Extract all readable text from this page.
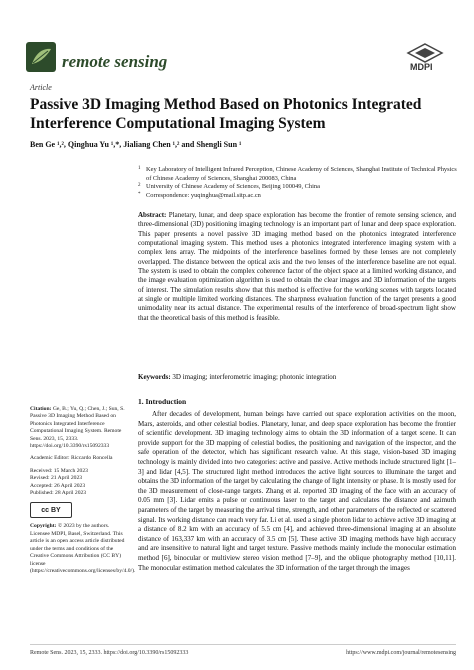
remote sensing	MDPI
Article
Passive 3D Imaging Method Based on Photonics Integrated Interference Computational Imaging System
Ben Ge ¹,², Qinghua Yu ¹,*, Jialiang Chen ¹,² and Shengli Sun ¹
1 Key Laboratory of Intelligent Infrared Perception, Chinese Academy of Sciences, Shanghai Institute of Technical Physics of Chinese Academy of Sciences, Shanghai 200083, China
2 University of Chinese Academy of Sciences, Beijing 100049, China
* Correspondence: yuqinghua@mail.sitp.ac.cn
Abstract: Planetary, lunar, and deep space exploration has become the frontier of remote sensing science, and three-dimensional (3D) positioning imaging technology is an important part of lunar and deep space exploration. This paper presents a novel passive 3D imaging method based on the photonics integrated interference computational imaging system. This method uses a photonics integrated interference imaging system with a complex lens array. The midpoints of the interference baselines formed by these lenses are not completely overlapped. The distance between the optical axis and the two lenses of the interference baseline are not equal. The system is used to obtain the complex coherence factor of the object space at a limited working distance, and the image evaluation optimization algorithm is used to obtain the clear images and 3D information of the targets of interest. The simulation results show that this method is effective for the working scenes with targets located at single or multiple limited working distances. The sharpness evaluation function of the target presents a good unimodality near its actual distance. The experimental results of the interference of broad-spectrum light show that the theoretical basis of this method is feasible.
Keywords: 3D imaging; interferometric imaging; photonic integration

Citation: Ge, B.; Yu, Q.; Chen, J.; Sun, S. Passive 3D Imaging Method Based on Photonics Integrated Interference Computational Imaging System. Remote Sens. 2023, 15, 2333. https://doi.org/10.3390/rs15092333

Academic Editor: Riccardo Roncella

Received: 15 March 2023
Revised: 21 April 2023
Accepted: 26 April 2023

Published: 28 April 2023

cc BY

Copyright: © 2023 by the authors. Licensee MDPI, Basel, Switzerland. This article is an open access article distributed under the terms and conditions of the Creative Commons Attribution (CC BY) license (https://creativecommons.org/licenses/by/4.0/).

1. Introduction
After decades of development, human beings have carried out space exploration activities on the moon, Mars, asteroids, and other celestial bodies. Planetary, lunar, and deep space exploration has become the frontier of scientific development. 3D imaging technology aims to obtain the 3D information of a target scene. It can provide support for the 3D mapping of celestial bodies, the positioning and navigation of the inspector, and the safe operation of the detector, which has significant research value. At this stage, vision-based 3D imaging technology is mainly divided into two categories: active and passive. Active methods include structured light [1–3] and lidar [4,5]. The structured light method introduces the active light sources to illuminate the target and obtains the 3D information of the target by calculating the change of light intensity or phase. It is mostly used for the 3D measurement of close-range targets. Zhang et al. reported 3D imaging of the face with an accuracy of 0.05 mm [3]. Lidar emits a pulse or continuous laser to the target and calculates the distance and azimuth parameters of the target by measuring the arrival time, strength, and other parameters of the reflected or scattered signal. Its working distance can reach very far. Li et al. used a single photon lidar to achieve active 3D imaging at a distance of 8.2 km with an accuracy of 5.5 cm [4], and achieved three-dimensional imaging at an absolute distance of 163,337 km with an accuracy of 3.5 cm [5]. These active 3D imaging methods have high accuracy and are insensitive to natural light and target texture. Passive methods mainly include the monocular estimation method [6], binocular or multiview stereo vision method [7–9], and the oblique photography method [10,11]. The monocular estimation method calculates the 3D information of the target through the images
Remote Sens. 2023, 15, 2333. https://doi.org/10.3390/rs15092333	https://www.mdpi.com/journal/remotesensing
